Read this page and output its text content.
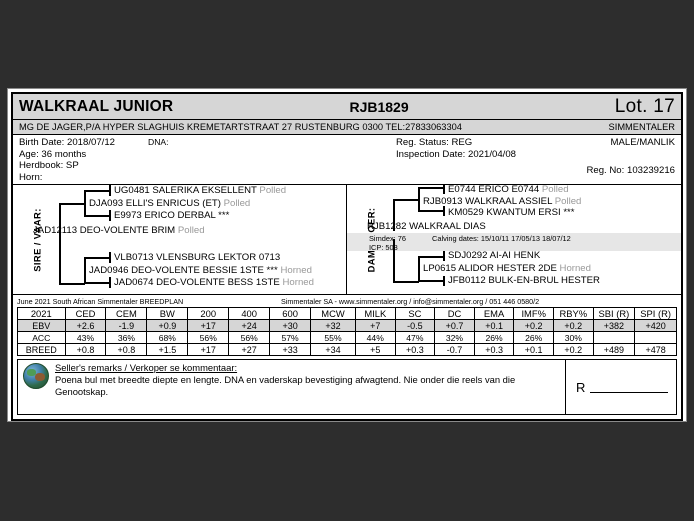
WALKRAAL JUNIOR	RJB1829	Lot. 17
MG DE JAGER,P/A HYPER SLAGHUIS KREMETARTSTRAAT 27 RUSTENBURG 0300 TEL:27833063304	SIMMENTALER
Birth Date: 2018/07/12	DNA:
Age: 36 months
Herdbook: SP
Horn:
Reg. Status: REG	MALE/MANLIK
Inspection Date: 2021/04/08
Reg. No: 103239216
SIRE / VAAR:
UG0481 SALERIKA EKSELLENT Polled
DJA093 ELLI'S ENRICUS (ET) Polled
E9973 ERICO DERBAL ***
JAD12113 DEO-VOLENTE BRIM Polled
VLB0713 VLENSBURG LEKTOR 0713
JAD0946 DEO-VOLENTE BESSIE 1STE *** Horned
JAD0674 DEO-VOLENTE BESS 1STE Horned
E0744 ERICO E0744 Polled
RJB0913 WALKRAAL ASSIEL Polled
KM0529 KWANTUM ERSI ***
RJB1282 WALKRAAL DIAS
Simdex: 76
ICP: 503
Calving dates: 15/10/11 17/05/13 18/07/12
SDJ0292 AI-AI HENK
LP0615 ALIDOR HESTER 2DE Horned
JFB0112 BULK-EN-BRUL HESTER
June 2021 South African Simmentaler BREEDPLAN	Simmentaler SA - www.simmentaler.org / info@simmentaler.org / 051 446 0580/2
2021	CED	CEM	BW	200	400	600	MCW	MILK	SC	DC	EMA	IMF%	RBY%	SBI (R)	SPI (R)
EBV	+2.6	-1.9	+0.9	+17	+24	+30	+32	+7	-0.5	+0.7	+0.1	+0.2	+0.2	+382	+420
ACC	43%	36%	68%	56%	56%	57%	55%	44%	47%	32%	26%	26%	30%		
BREED	+0.8	+0.8	+1.5	+17	+27	+33	+34	+5	+0.3	-0.7	+0.3	+0.1	+0.2	+489	+478
Seller's remarks / Verkoper se kommentaar:
Poena bul met breedte diepte en lengte. DNA en vaderskap bevestiging afwagtend. Nie onder die reels van die Genootskap.	R
